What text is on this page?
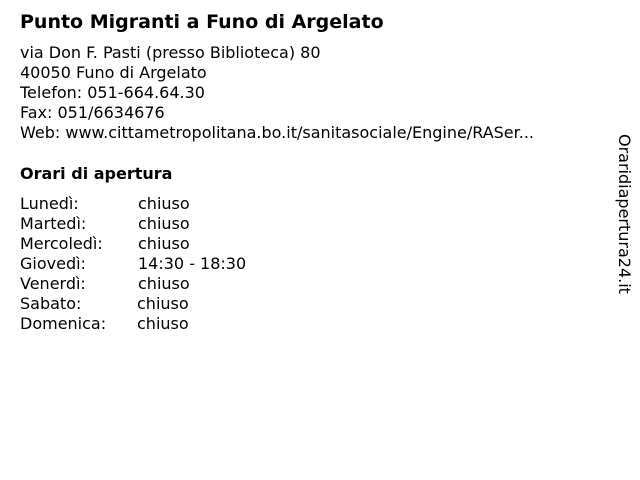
Punto Migranti a Funo di Argelato
via Don F. Pasti (presso Biblioteca) 80
40050 Funo di Argelato
Telefon: 051-664.64.30
Fax: 051/6634676
Web: www.cittametropolitana.bo.it/sanitasociale/Engine/RASer...
Orari di apertura
Lunedì:	chiuso
Martedì:	chiuso
Mercoledì: chiuso
Giovedì:	14:30 - 18:30
Venerdì:	chiuso
Sabato:	chiuso
Domenica: chiuso
Oraridiapertura24.it
